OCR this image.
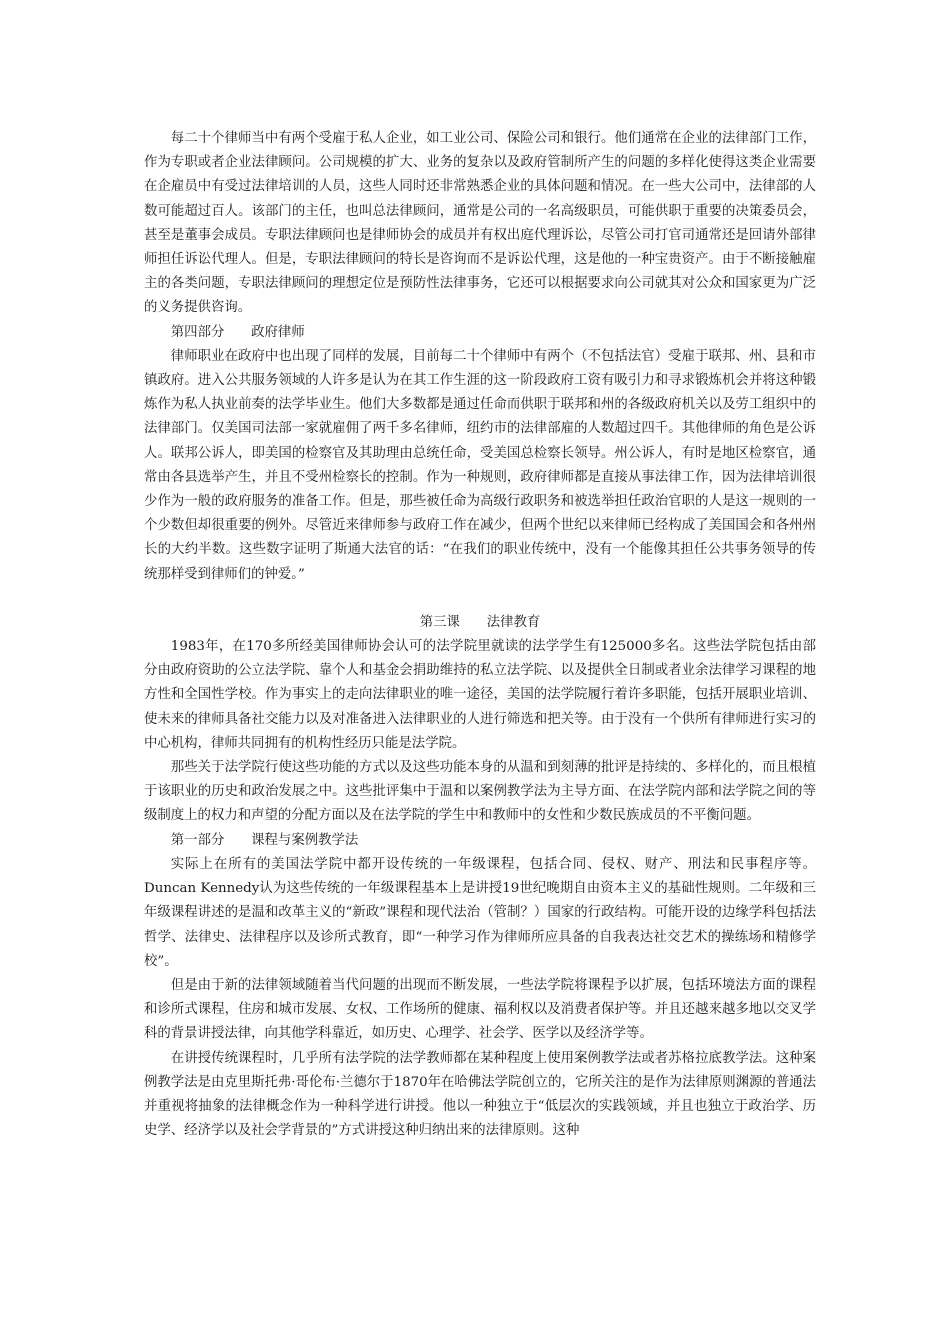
每二十个律师当中有两个受雇于私人企业，如工业公司、保险公司和银行。他们通常在企业的法律部门工作，作为专职或者企业法律顾问。公司规模的扩大、业务的复杂以及政府管制所产生的问题的多样化使得这类企业需要在企雇员中有受过法律培训的人员，这些人同时还非常熟悉企业的具体问题和情况。在一些大公司中，法律部的人数可能超过百人。该部门的主任，也叫总法律顾问，通常是公司的一名高级职员，可能供职于重要的决策委员会，甚至是董事会成员。专职法律顾问也是律师协会的成员并有权出庭代理诉讼，尽管公司打官司通常还是回请外部律师担任诉讼代理人。但是，专职法律顾问的特长是咨询而不是诉讼代理，这是他的一种宝贵资产。由于不断接触雇主的各类问题，专职法律顾问的理想定位是预防性法律事务，它还可以根据要求向公司就其对公众和国家更为广泛的义务提供咨询。

第四部分 政府律师

律师职业在政府中也出现了同样的发展，目前每二十个律师中有两个（不包括法官）受雇于联邦、州、县和市镇政府。进入公共服务领域的人许多是认为在其工作生涯的这一阶段政府工资有吸引力和寻求锻炼机会并将这种锻炼作为私人执业前奏的法学毕业生。他们大多数都是通过任命而供职于联邦和州的各级政府机关以及劳工组织中的法律部门。仅美国司法部一家就雇佣了两千多名律师，纽约市的法律部雇的人数超过四千。其他律师的角色是公诉人。联邦公诉人，即美国的检察官及其助理由总统任命，受美国总检察长领导。州公诉人，有时是地区检察官，通常由各县选举产生，并且不受州检察长的控制。作为一种规则，政府律师都是直接从事法律工作，因为法律培训很少作为一般的政府服务的准备工作。但是，那些被任命为高级行政职务和被选举担任政治官职的人是这一规则的一个少数但却很重要的例外。尽管近来律师参与政府工作在减少，但两个世纪以来律师已经构成了美国国会和各州州长的大约半数。这些数字证明了斯通大法官的话：“在我们的职业传统中，没有一个能像其担任公共事务领导的传统那样受到律师们的钟爱。”

第三课 法律教育

1983年，在170多所经美国律师协会认可的法学院里就读的法学学生有125000多名。这些法学院包括由部分由政府资助的公立法学院、靠个人和基金会捐助维持的私立法学院、以及提供全日制或者业余法律学习课程的地方性和全国性学校。作为事实上的走向法律职业的唯一途径，美国的法学院履行着许多职能，包括开展职业培训、使未来的律师具备社交能力以及对准备进入法律职业的人进行筛选和把关等。由于没有一个供所有律师进行实习的中心机构，律师共同拥有的机构性经历只能是法学院。

那些关于法学院行使这些功能的方式以及这些功能本身的从温和到刻薄的批评是持续的、多样化的，而且根植于该职业的历史和政治发展之中。这些批评集中于温和以案例教学法为主导方面、在法学院内部和法学院之间的等级制度上的权力和声望的分配方面以及在法学院的学生中和教师中的女性和少数民族成员的不平衡问题。

第一部分 课程与案例教学法

实际上在所有的美国法学院中都开设传统的一年级课程，包括合同、侵权、财产、刑法和民事程序等。Duncan Kennedy认为这些传统的一年级课程基本上是讲授19世纪晚期自由资本主义的基础性规则。二年级和三年级课程讲述的是温和改革主义的“新政”课程和现代法治（管制？）国家的行政结构。可能开设的边缘学科包括法哲学、法律史、法律程序以及诊所式教育，即“一种学习作为律师所应具备的自我表达社交艺术的操练场和精修学校”。

但是由于新的法律领域随着当代问题的出现而不断发展，一些法学院将课程予以扩展，包括环境法方面的课程和诊所式课程，住房和城市发展、女权、工作场所的健康、福利权以及消费者保护等。并且还越来越多地以交叉学科的背景讲授法律，向其他学科靠近，如历史、心理学、社会学、医学以及经济学等。

在讲授传统课程时，几乎所有法学院的法学教师都在某种程度上使用案例教学法或者苏格拉底教学法。这种案例教学法是由克里斯托弗·哥伦布·兰德尔于1870年在哈佛法学院创立的，它所关注的是作为法律原则渊源的普通法并重视将抽象的法律概念作为一种科学进行讲授。他以一种独立于“低层次的实践领域，并且也独立于政治学、历史学、经济学以及社会学背景的”方式讲授这种归纳出来的法律原则。这种
